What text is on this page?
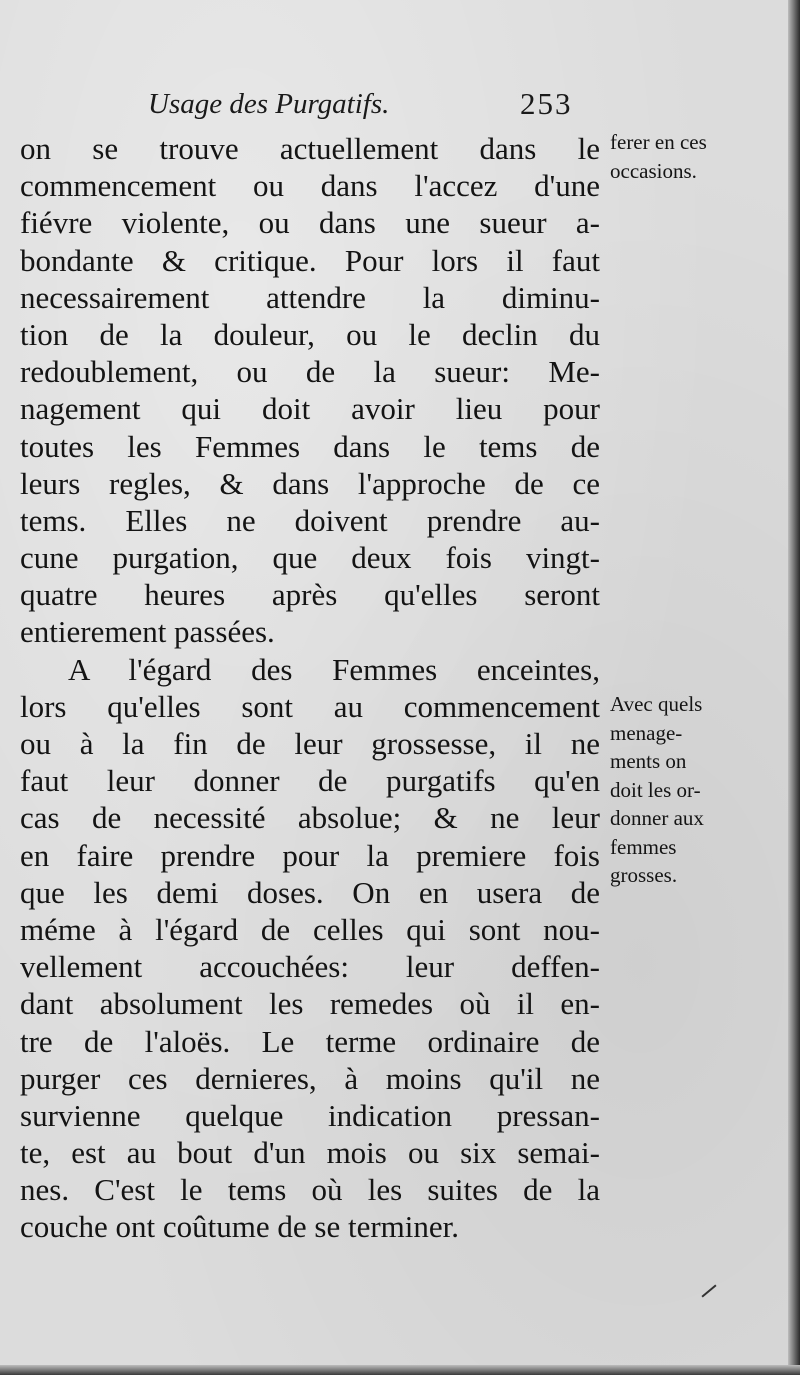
Usage des Purgatifs.	253
on se trouve actuellement dans le
commencement ou dans l'accez d'une
fiévre violente, ou dans une sueur a-
bondante & critique. Pour lors il faut
necessairement attendre la diminu-
tion de la douleur, ou le declin du
redoublement, ou de la sueur: Me-
nagement qui doit avoir lieu pour
toutes les Femmes dans le tems de
leurs regles, & dans l'approche de ce
tems. Elles ne doivent prendre au-
cune purgation, que deux fois vingt-
quatre heures après qu'elles seront
entierement passées.
A l'égard des Femmes enceintes,
lors qu'elles sont au commencement
ou à la fin de leur grossesse, il ne
faut leur donner de purgatifs qu'en
cas de necessité absolue; & ne leur
en faire prendre pour la premiere fois
que les demi doses. On en usera de
méme à l'égard de celles qui sont nou-
vellement accouchées: leur deffen-
dant absolument les remedes où il en-
tre de l'aloës. Le terme ordinaire de
purger ces dernieres, à moins qu'il ne
survienne quelque indication pressan-
te, est au bout d'un mois ou six semai-
nes. C'est le tems où les suites de la
couche ont coûtume de se terminer.
ferer en ces
occasions.
Avec quels
menage-
ments on
doit les or-
donner aux
femmes
grosses.
